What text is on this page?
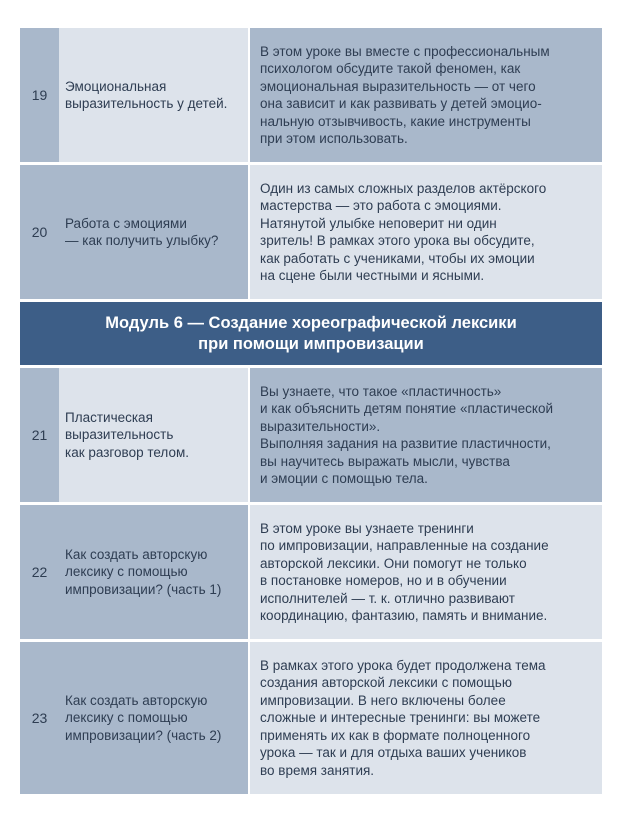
19
Эмоциональная
выразительность у детей.
В этом уроке вы вместе с профессиональным
психологом обсудите такой феномен, как
эмоциональная выразительность — от чего
она зависит и как развивать у детей эмоцио-
нальную отзывчивость, какие инструменты
при этом использовать.
20
Работа с эмоциями
— как получить улыбку?
Один из самых сложных разделов актёрского
мастерства — это работа с эмоциями.
Натянутой улыбке неповерит ни один
зритель! В рамках этого урока вы обсудите,
как работать с учениками, чтобы их эмоции
на сцене были честными и ясными.
Модуль 6 — Создание хореографической лексики
при помощи импровизации
21
Пластическая
выразительность
как разговор телом.
Вы узнаете, что такое «пластичность»
и как объяснить детям понятие «пластической
выразительности».
Выполняя задания на развитие пластичности,
вы научитесь выражать мысли, чувства
и эмоции с помощью тела.
22
Как создать авторскую
лексику с помощью
импровизации? (часть 1)
В этом уроке вы узнаете тренинги
по импровизации, направленные на создание
авторской лексики. Они помогут не только
в постановке номеров, но и в обучении
исполнителей — т. к. отлично развивают
координацию, фантазию, память и внимание.
23
Как создать авторскую
лексику с помощью
импровизации? (часть 2)
В рамках этого урока будет продолжена тема
создания авторской лексики с помощью
импровизации. В него включены более
сложные и интересные тренинги: вы можете
применять их как в формате полноценного
урока — так и для отдыха ваших учеников
во время занятия.
